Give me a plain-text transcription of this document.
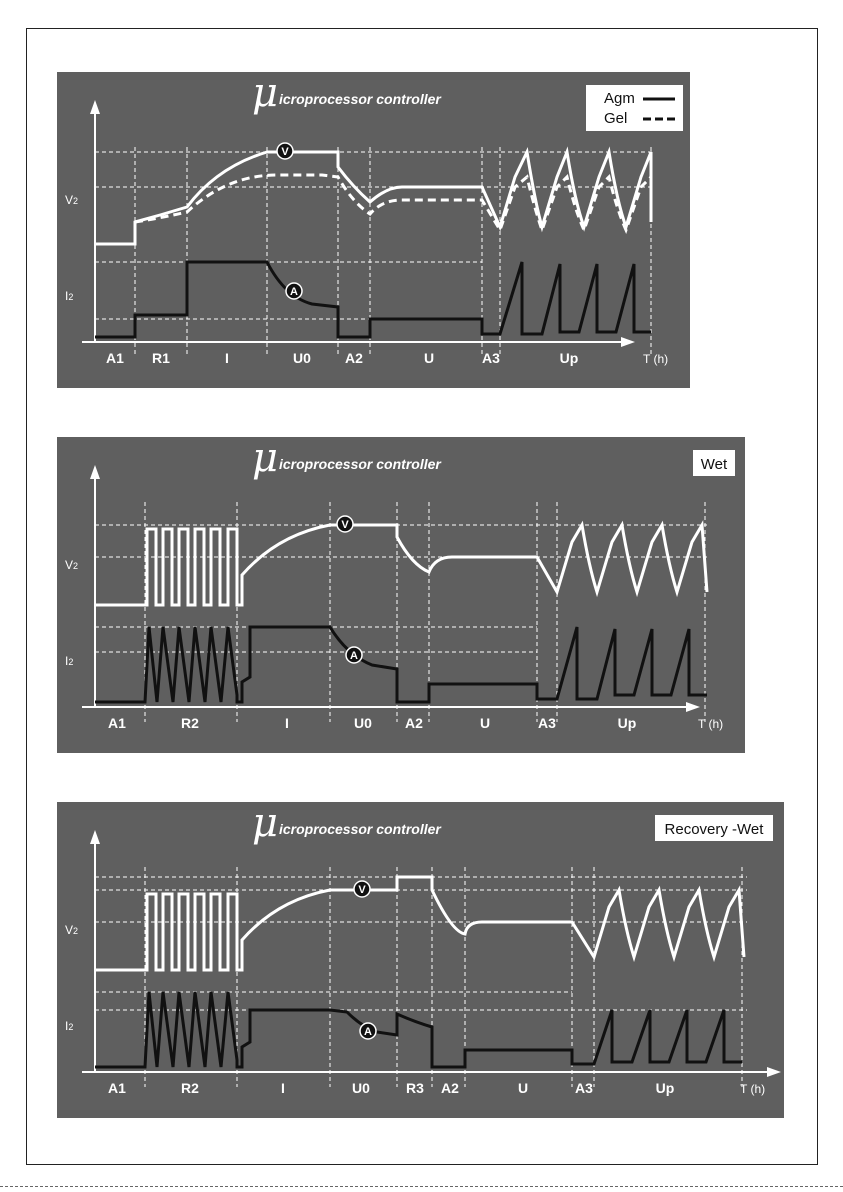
V
A
V2
I2
T (h)
A1 R1	I	U0 A2	U	A3	Up
μ icroprocessor controller	Agm
Gel
V
A
V2
I2
T (h)
A1	R2	I	U0 A2	U	A3	Up
μ icroprocessor controller	Wet
V
A
V2
I2
T (h)
A1	R2	I	U0	R3 A2	U	A3	Up
μ icroprocessor controller	Recovery -Wet
